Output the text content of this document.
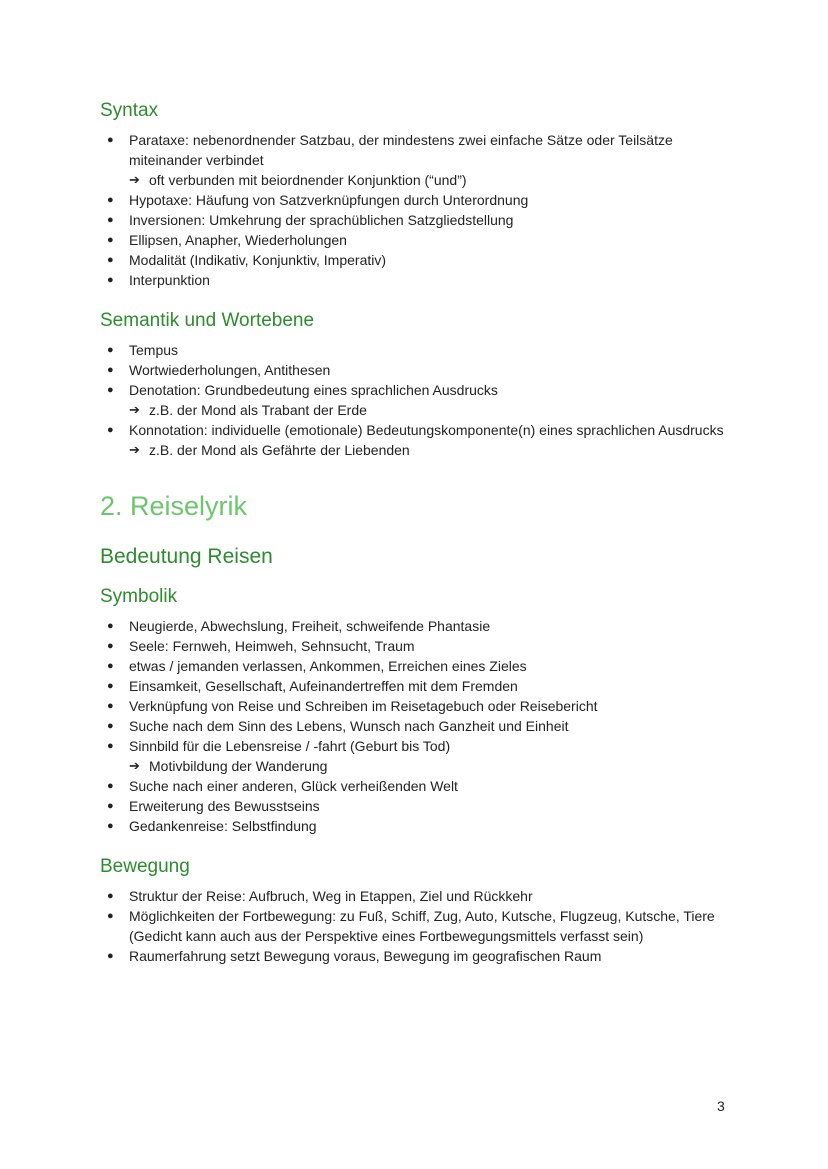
Syntax
● Parataxe: nebenordnender Satzbau, der mindestens zwei einfache Sätze oder Teilsätze miteinander verbindet
➔ oft verbunden mit beiordnender Konjunktion (“und”)
● Hypotaxe: Häufung von Satzverknüpfungen durch Unterordnung
● Inversionen: Umkehrung der sprachüblichen Satzgliedstellung
● Ellipsen, Anapher, Wiederholungen
● Modalität (Indikativ, Konjunktiv, Imperativ)
● Interpunktion
Semantik und Wortebene
● Tempus
● Wortwiederholungen, Antithesen
● Denotation: Grundbedeutung eines sprachlichen Ausdrucks
➔ z.B. der Mond als Trabant der Erde
● Konnotation: individuelle (emotionale) Bedeutungskomponente(n) eines sprachlichen Ausdrucks
➔ z.B. der Mond als Gefährte der Liebenden
2. Reiselyrik
Bedeutung Reisen
Symbolik
● Neugierde, Abwechslung, Freiheit, schweifende Phantasie
● Seele: Fernweh, Heimweh, Sehnsucht, Traum
● etwas / jemanden verlassen, Ankommen, Erreichen eines Zieles
● Einsamkeit, Gesellschaft, Aufeinandertreffen mit dem Fremden
● Verknüpfung von Reise und Schreiben im Reisetagebuch oder Reisebericht
● Suche nach dem Sinn des Lebens, Wunsch nach Ganzheit und Einheit
● Sinnbild für die Lebensreise / -fahrt (Geburt bis Tod)
➔ Motivbildung der Wanderung
● Suche nach einer anderen, Glück verheißenden Welt
● Erweiterung des Bewusstseins
● Gedankenreise: Selbstfindung
Bewegung
● Struktur der Reise: Aufbruch, Weg in Etappen, Ziel und Rückkehr
● Möglichkeiten der Fortbewegung: zu Fuß, Schiff, Zug, Auto, Kutsche, Flugzeug, Kutsche, Tiere (Gedicht kann auch aus der Perspektive eines Fortbewegungsmittels verfasst sein)
● Raumerfahrung setzt Bewegung voraus, Bewegung im geografischen Raum
3
